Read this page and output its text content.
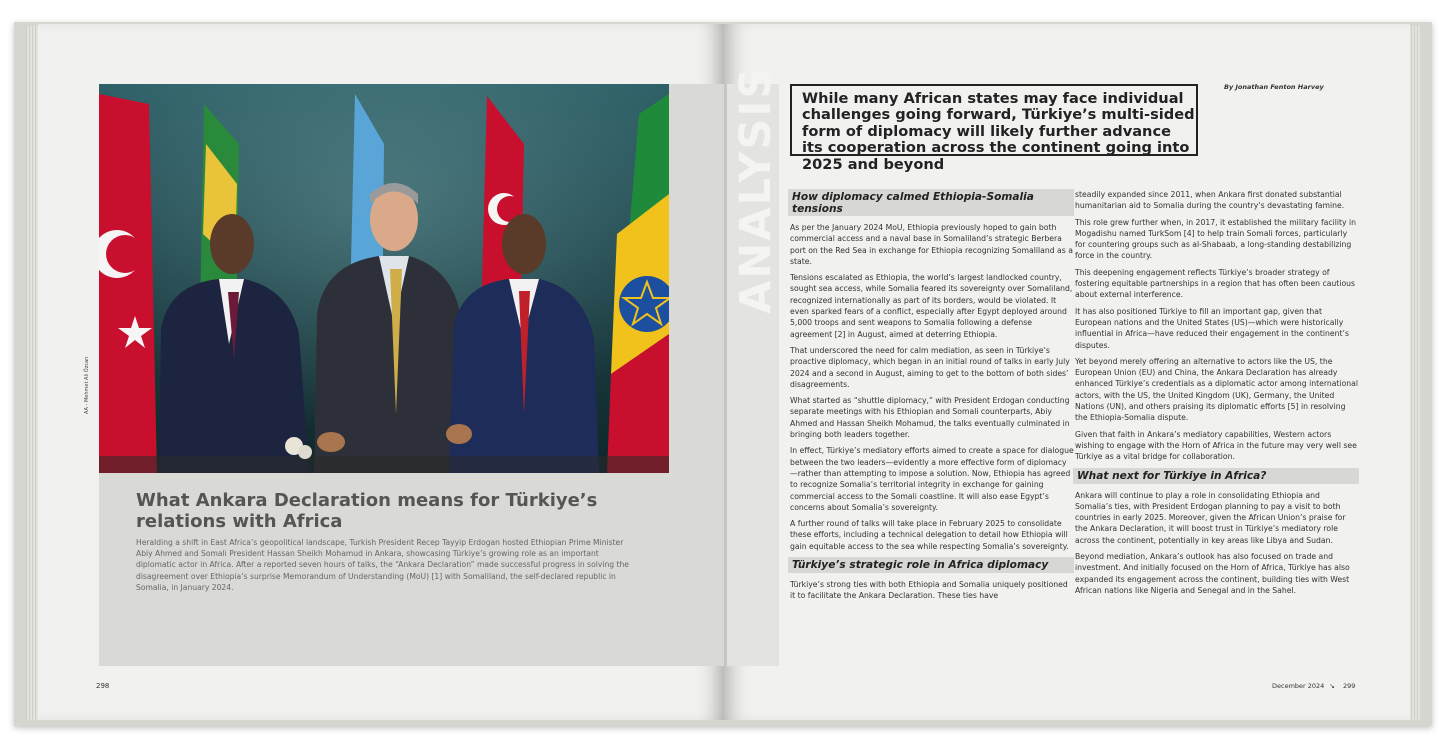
AA - Mehmet Ali Özcan
What Ankara Declaration means for Türkiye’s relations with Africa

Heralding a shift in East Africa’s geopolitical landscape, Turkish President Recep Tayyip Erdogan hosted Ethiopian Prime Minister Abiy Ahmed and Somali President Hassan Sheikh Mohamud in Ankara, showcasing Türkiye’s growing role as an important diplomatic actor in Africa. After a reported seven hours of talks, the “Ankara Declaration” made successful progress in solving the disagreement over Ethiopia’s surprise Memorandum of Understanding (MoU) [1] with Somaliland, the self-declared republic in Somalia, in January 2024.

298
ANALYSIS	While many African states may face individual challenges going forward, Türkiye’s multi-sided form of diplomacy will likely further advance its cooperation across the continent going into 2025 and beyond
By Jonathan Fenton Harvey
How diplomacy calmed Ethiopia-Somalia tensions

As per the January 2024 MoU, Ethiopia previously hoped to gain both commercial access and a naval base in Somaliland’s strategic Berbera port on the Red Sea in exchange for Ethiopia recognizing Somaliland as a state.

Tensions escalated as Ethiopia, the world’s largest landlocked country, sought sea access, while Somalia feared its sovereignty over Somaliland, recognized internationally as part of its borders, would be violated. It even sparked fears of a conflict, especially after Egypt deployed around 5,000 troops and sent weapons to Somalia following a defense agreement [2] in August, aimed at deterring Ethiopia.

That underscored the need for calm mediation, as seen in Türkiye’s proactive diplomacy, which began in an initial round of talks in early July 2024 and a second in August, aiming to get to the bottom of both sides’ disagreements.

What started as “shuttle diplomacy,” with President Erdogan conducting separate meetings with his Ethiopian and Somali counterparts, Abiy Ahmed and Hassan Sheikh Mohamud, the talks eventually culminated in bringing both leaders together.

In effect, Türkiye’s mediatory efforts aimed to create a space for dialogue between the two leaders—evidently a more effective form of diplomacy—rather than attempting to impose a solution. Now, Ethiopia has agreed to recognize Somalia’s territorial integrity in exchange for gaining commercial access to the Somali coastline. It will also ease Egypt’s concerns about Somalia’s sovereignty.

A further round of talks will take place in February 2025 to consolidate these efforts, including a technical delegation to detail how Ethiopia will gain equitable access to the sea while respecting Somalia’s sovereignty.

Türkiye’s strategic role in Africa diplomacy

Türkiye’s strong ties with both Ethiopia and Somalia uniquely positioned it to facilitate the Ankara Declaration. These ties have

steadily expanded since 2011, when Ankara first donated substantial humanitarian aid to Somalia during the country’s devastating famine.

This role grew further when, in 2017, it established the military facility in Mogadishu named TurkSom [4] to help train Somali forces, particularly for countering groups such as al-Shabaab, a long-standing destabilizing force in the country.

This deepening engagement reflects Türkiye’s broader strategy of fostering equitable partnerships in a region that has often been cautious about external interference.

It has also positioned Türkiye to fill an important gap, given that European nations and the United States (US)—which were historically influential in Africa—have reduced their engagement in the continent’s disputes.

Yet beyond merely offering an alternative to actors like the US, the European Union (EU) and China, the Ankara Declaration has already enhanced Türkiye’s credentials as a diplomatic actor among international actors, with the US, the United Kingdom (UK), Germany, the United Nations (UN), and others praising its diplomatic efforts [5] in resolving the Ethiopia-Somalia dispute.

Given that faith in Ankara’s mediatory capabilities, Western actors wishing to engage with the Horn of Africa in the future may very well see Türkiye as a vital bridge for collaboration.

What next for Türkiye in Africa?

Ankara will continue to play a role in consolidating Ethiopia and Somalia’s ties, with President Erdogan planning to pay a visit to both countries in early 2025. Moreover, given the African Union’s praise for the Ankara Declaration, it will boost trust in Türkiye’s mediatory role across the continent, potentially in key areas like Libya and Sudan.

Beyond mediation, Ankara’s outlook has also focused on trade and investment. And initially focused on the Horn of Africa, Türkiye has also expanded its engagement across the continent, building ties with West African nations like Nigeria and Senegal and in the Sahel.

December 2024 ↘ 299
